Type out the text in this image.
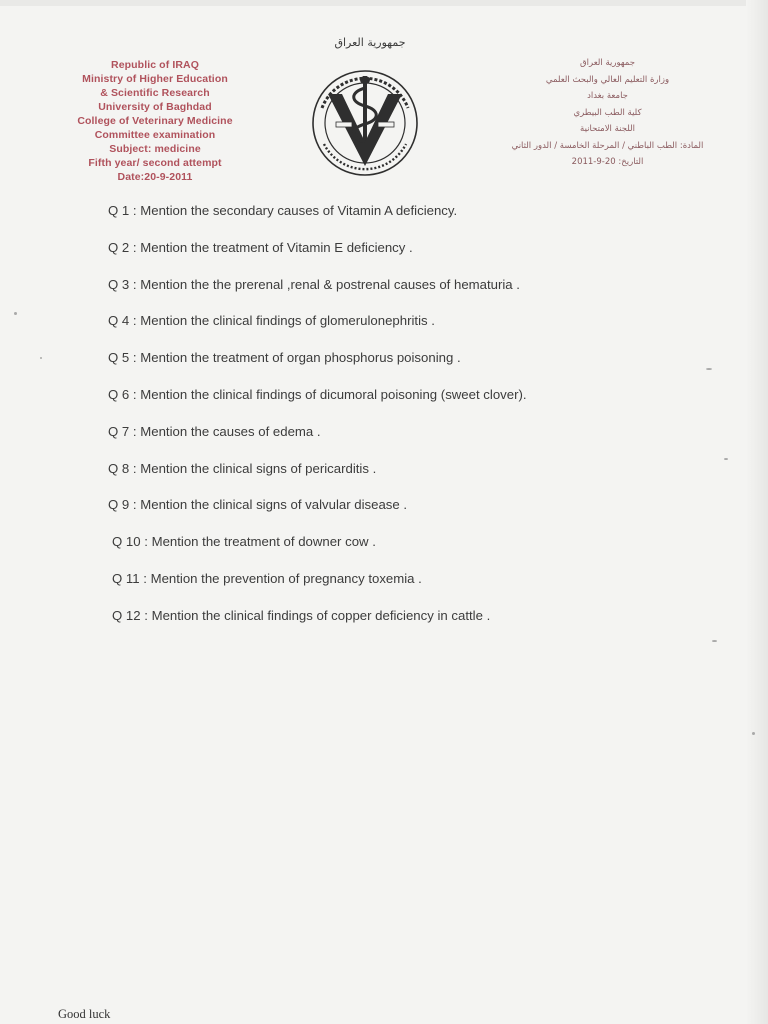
جمهورية العراق
Republic of IRAQ
Ministry of Higher Education
& Scientific Research
University of Baghdad
College of Veterinary Medicine
Committee examination
Subject: medicine
Fifth year/ second attempt
Date:20-9-2011
جمهورية العراق
وزارة التعليم العالي والبحث العلمي
جامعة بغداد
كلية الطب البيطري
اللجنة الامتحانية
المادة: الطب الباطني / المرحلة الخامسة / الدور الثاني
التاريخ: 20-9-2011
Q 1 : Mention the secondary causes of Vitamin A deficiency.
Q 2 : Mention the treatment of Vitamin E deficiency .
Q 3 : Mention the the prerenal ,renal & postrenal causes of hematuria .
Q 4 : Mention the clinical findings of glomerulonephritis .
Q 5 : Mention the treatment of organ phosphorus poisoning .
Q 6 : Mention the clinical findings of dicumoral poisoning (sweet clover).
Q 7 : Mention the causes of edema .
Q 8 : Mention the clinical signs of pericarditis .
Q 9 : Mention the clinical signs of valvular disease .
Q 10 : Mention the treatment of downer cow .
Q 11 : Mention the prevention of pregnancy toxemia .
Q 12 : Mention the clinical findings of copper deficiency in cattle .
Good luck
